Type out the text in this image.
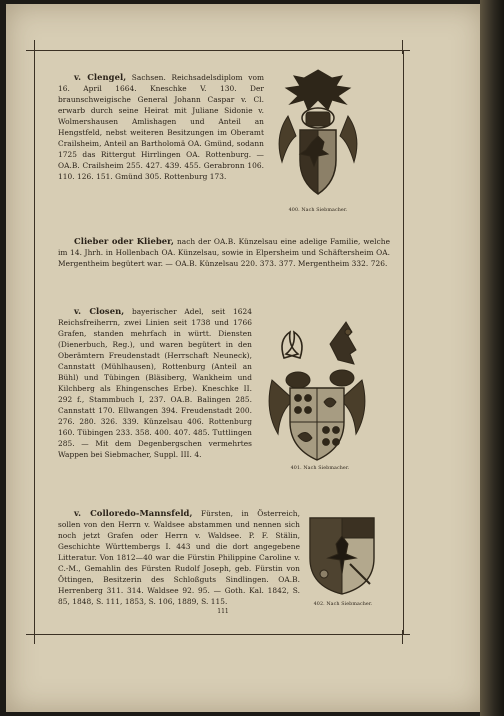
v. Clengel, Sachsen. Reichsadelsdiplom vom 16. April 1664. Kneschke V. 130. Der braunschweigische General Johann Caspar v. Cl. erwarb durch seine Heirat mit Juliane Sidonie v. Wolmershausen Amlishagen und Anteil an Hengstfeld, nebst weiteren Besitzungen im Oberamt Crailsheim, Anteil an Bartholomä OA. Gmünd, sodann 1725 das Rittergut Hirrlingen OA. Rottenburg. — OA.B. Crailsheim 255. 427. 439. 455. Gerabronn 106. 110. 126. 151. Gmünd 305. Rottenburg 173.

400. Nach Siebmacher.

Clieber oder Klieber, nach der OA.B. Künzelsau eine adelige Familie, welche im 14. Jhrh. in Hollenbach OA. Künzelsau, sowie in Elpersheim und Schäftersheim OA. Mergentheim begütert war. — OA.B. Künzelsau 220. 373. 377. Mergentheim 332. 726.

v. Closen, bayerischer Adel, seit 1624 Reichsfreiherrn, zwei Linien seit 1738 und 1766 Grafen, standen mehrfach in württ. Diensten (Dienerbuch, Reg.), und waren begütert in den Oberämtern Freudenstadt (Herrschaft Neuneck), Cannstatt (Mühlhausen), Rottenburg (Anteil an Bühl) und Tübingen (Bläsiberg, Wankheim und Kilchberg als Ehingensches Erbe). Kneschke II. 292 f., Stammbuch I, 237. OA.B. Balingen 285. Cannstatt 170. Ellwangen 394. Freudenstadt 200. 276. 280. 326. 339. Künzelsau 406. Rottenburg 160. Tübingen 233. 358. 400. 407. 485. Tuttlingen 285. — Mit dem Degenbergschen vermehrtes Wappen bei Siebmacher, Suppl. III. 4.

401. Nach Siebmacher.

v. Colloredo-Mannsfeld, Fürsten, in Österreich, sollen von den Herrn v. Waldsee abstammen und nennen sich noch jetzt Grafen oder Herrn v. Waldsee. P. F. Stälin, Geschichte Württembergs I. 443 und die dort angegebene Litteratur. Von 1812—40 war die Fürstin Philippine Caroline v. C.-M., Gemahlin des Fürsten Rudolf Joseph, geb. Fürstin von Öttingen, Besitzerin des Schloßguts Sindlingen. OA.B. Herrenberg 311. 314. Waldsee 92. 95. — Goth. Kal. 1842, S. 85, 1848, S. 111, 1853, S. 106, 1889, S. 115.	402. Nach Siebmacher.
111
